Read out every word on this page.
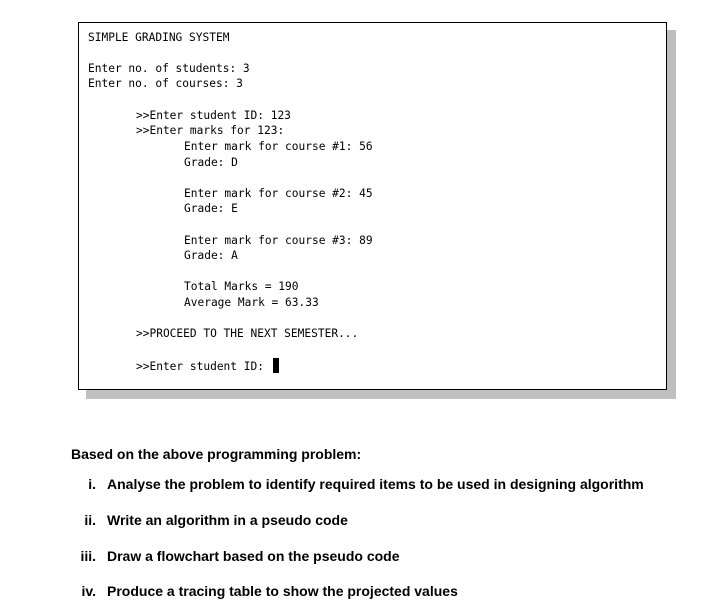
SIMPLE GRADING SYSTEM
Enter no. of students: 3
Enter no. of courses: 3
>>Enter student ID: 123
>>Enter marks for 123:
Enter mark for course #1: 56
Grade: D
Enter mark for course #2: 45
Grade: E
Enter mark for course #3: 89
Grade: A
Total Marks = 190
Average Mark = 63.33
>>PROCEED TO THE NEXT SEMESTER...
>>Enter student ID:
Based on the above programming problem:
i. Analyse the problem to identify required items to be used in designing algorithm
ii. Write an algorithm in a pseudo code
iii. Draw a flowchart based on the pseudo code
iv. Produce a tracing table to show the projected values
